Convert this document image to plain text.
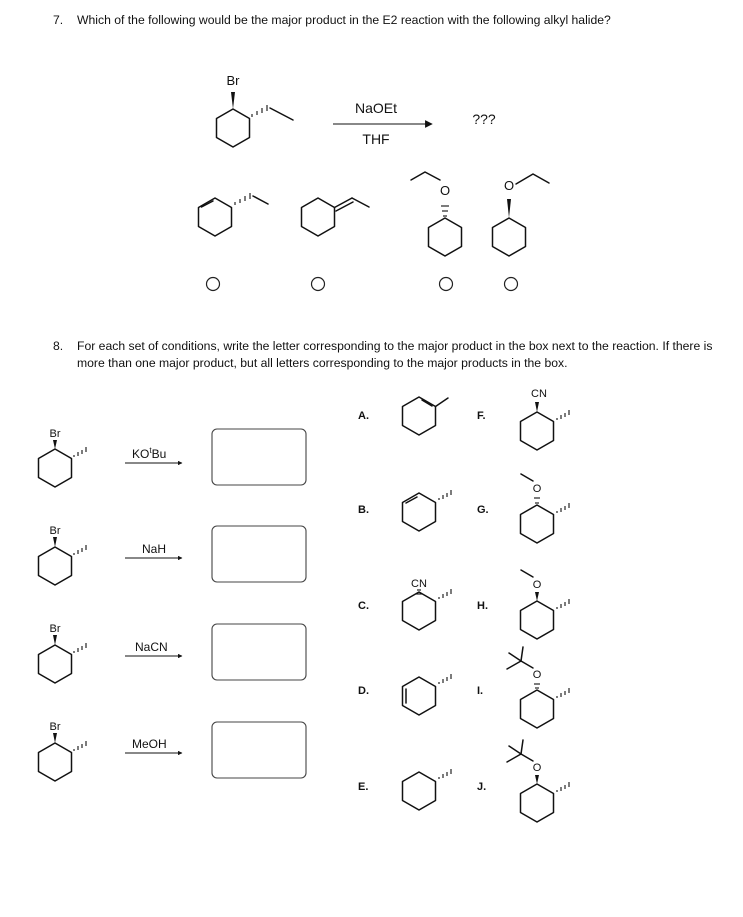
7. Which of the following would be the major product in the E2 reaction with the following alkyl halide?
8. For each set of conditions, write the letter corresponding to the major product in the box next to the reaction. If there is more than one major product, but all letters corresponding to the major products in the box.
Br
NaOEt
THF
???
O	O
Br
$KO^tBu$
Br
NaH
Br
NaCN
Br
MeOH
A.
B.
C.
D.
E.
F.
G.
H.
I.
J.
CN
CN
O
O
O
O
